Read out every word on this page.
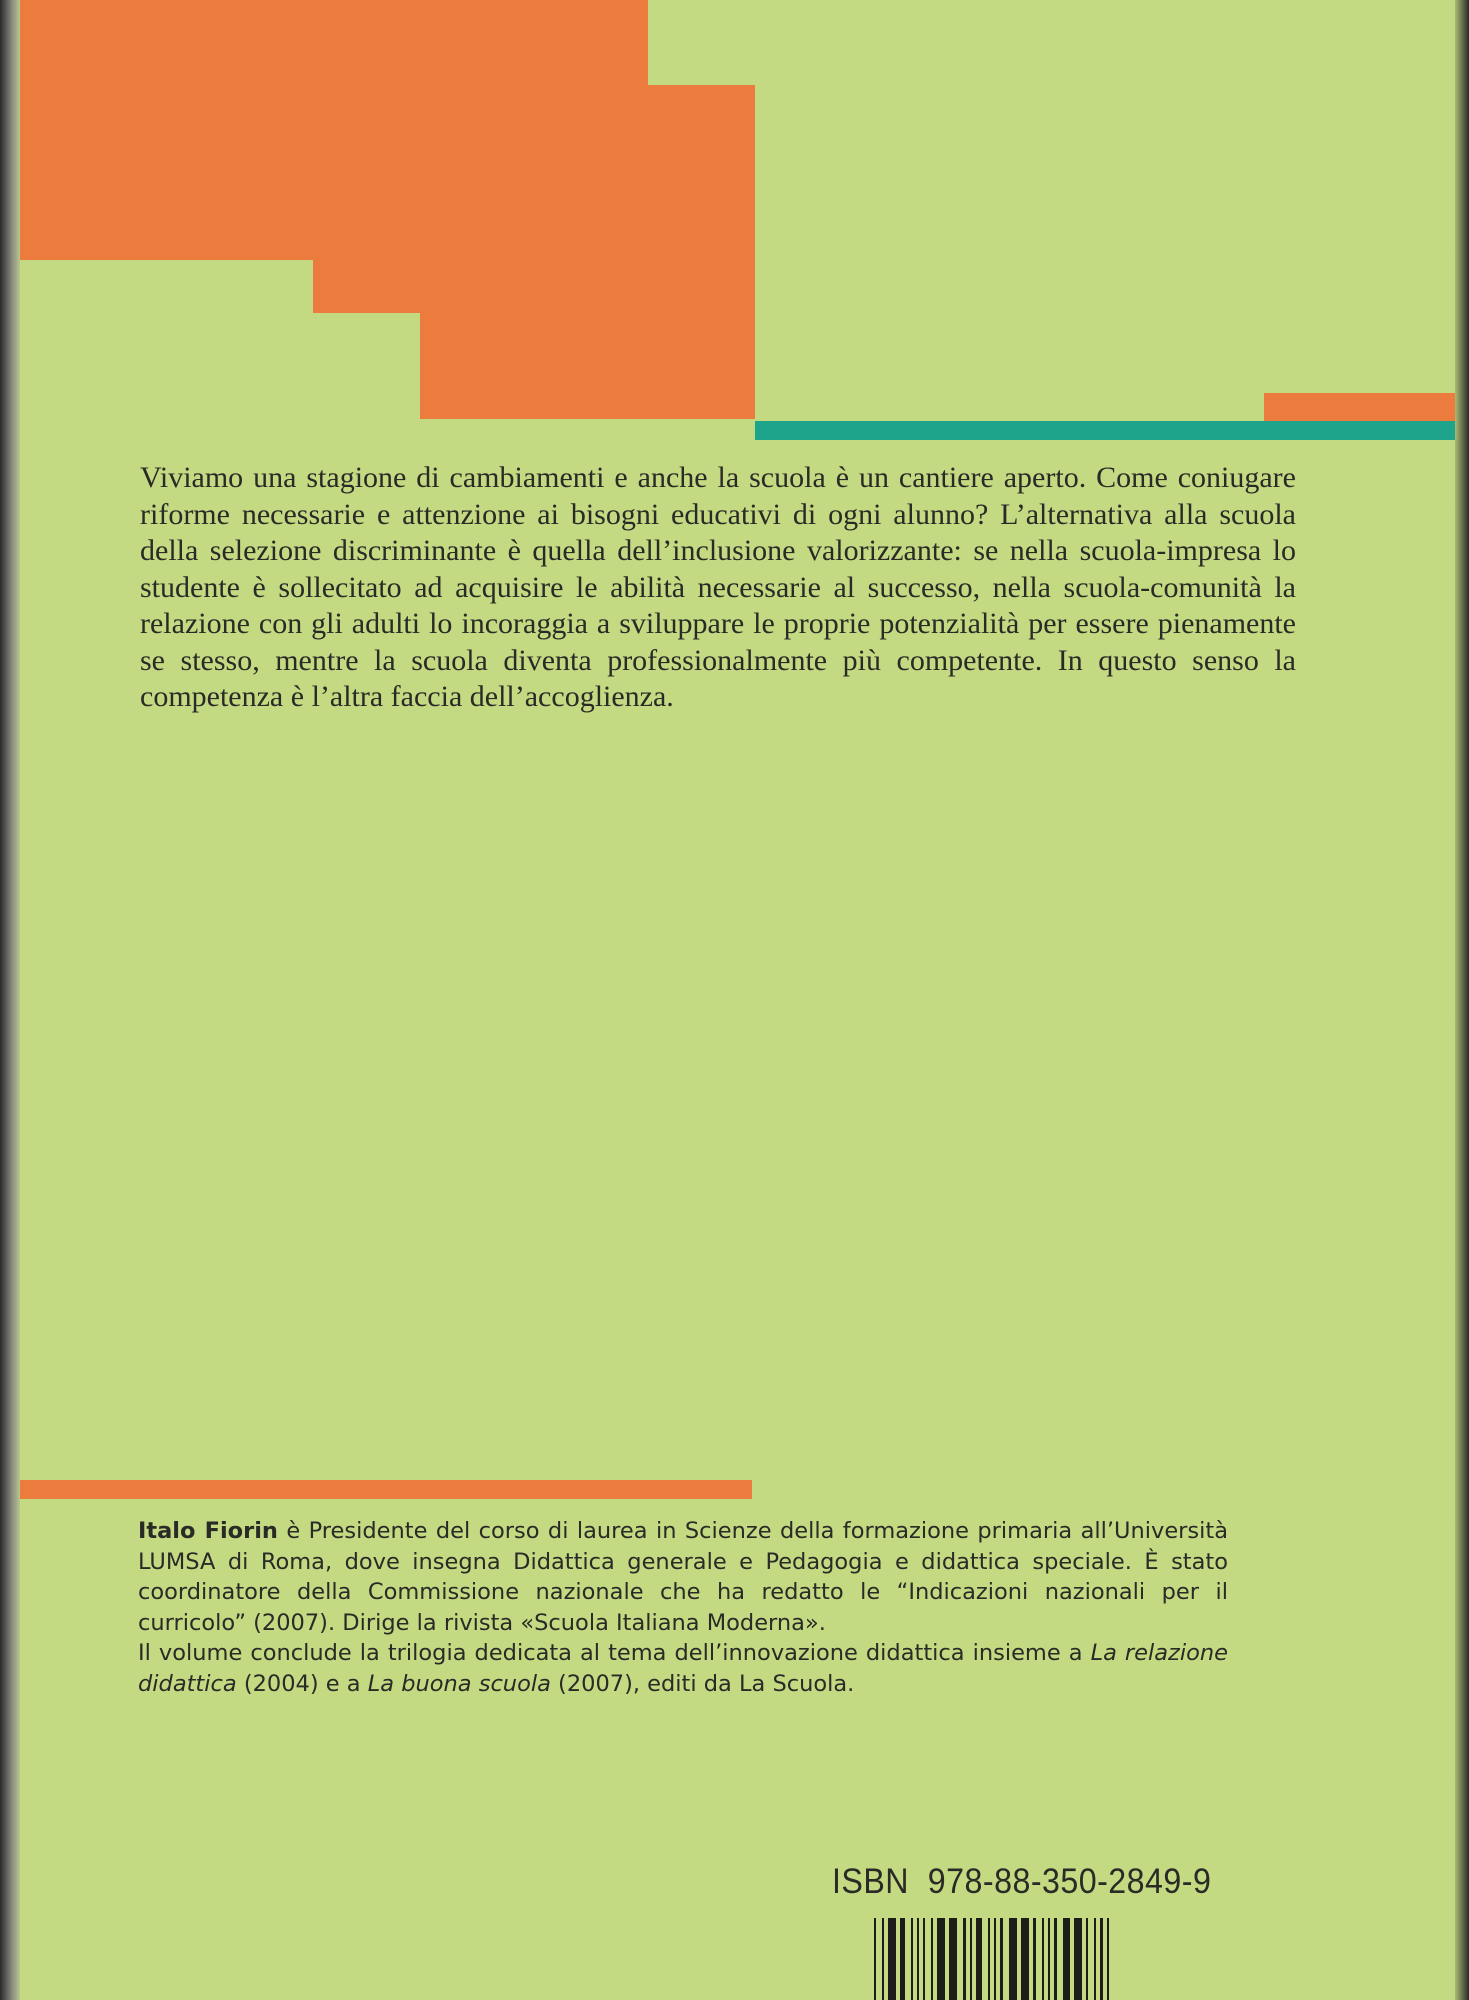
Viviamo una stagione di cambiamenti e anche la scuola è un cantiere aperto. Come coniugare riforme necessarie e attenzione ai bisogni educativi di ogni alunno? L’alternativa alla scuola della selezione discriminante è quella dell’inclusione valorizzante: se nella scuola-impresa lo studente è sollecitato ad acquisire le abilità necessarie al successo, nella scuola-comunità la relazione con gli adulti lo incoraggia a sviluppare le proprie potenzialità per essere pienamente se stesso, mentre la scuola diventa professionalmente più competente. In questo senso la competenza è l’altra faccia dell’accoglienza.
Italo Fiorin è Presidente del corso di laurea in Scienze della formazione primaria all’Università LUMSA di Roma, dove insegna Didattica generale e Pedagogia e didattica speciale. È stato coordinatore della Commissione nazionale che ha redatto le “Indicazioni nazionali per il curricolo” (2007). Dirige la rivista «Scuola Italiana Moderna».
Il volume conclude la trilogia dedicata al tema dell’innovazione didattica insieme a La relazione didattica (2004) e a La buona scuola (2007), editi da La Scuola.
ISBN  978-88-350-2849-9
